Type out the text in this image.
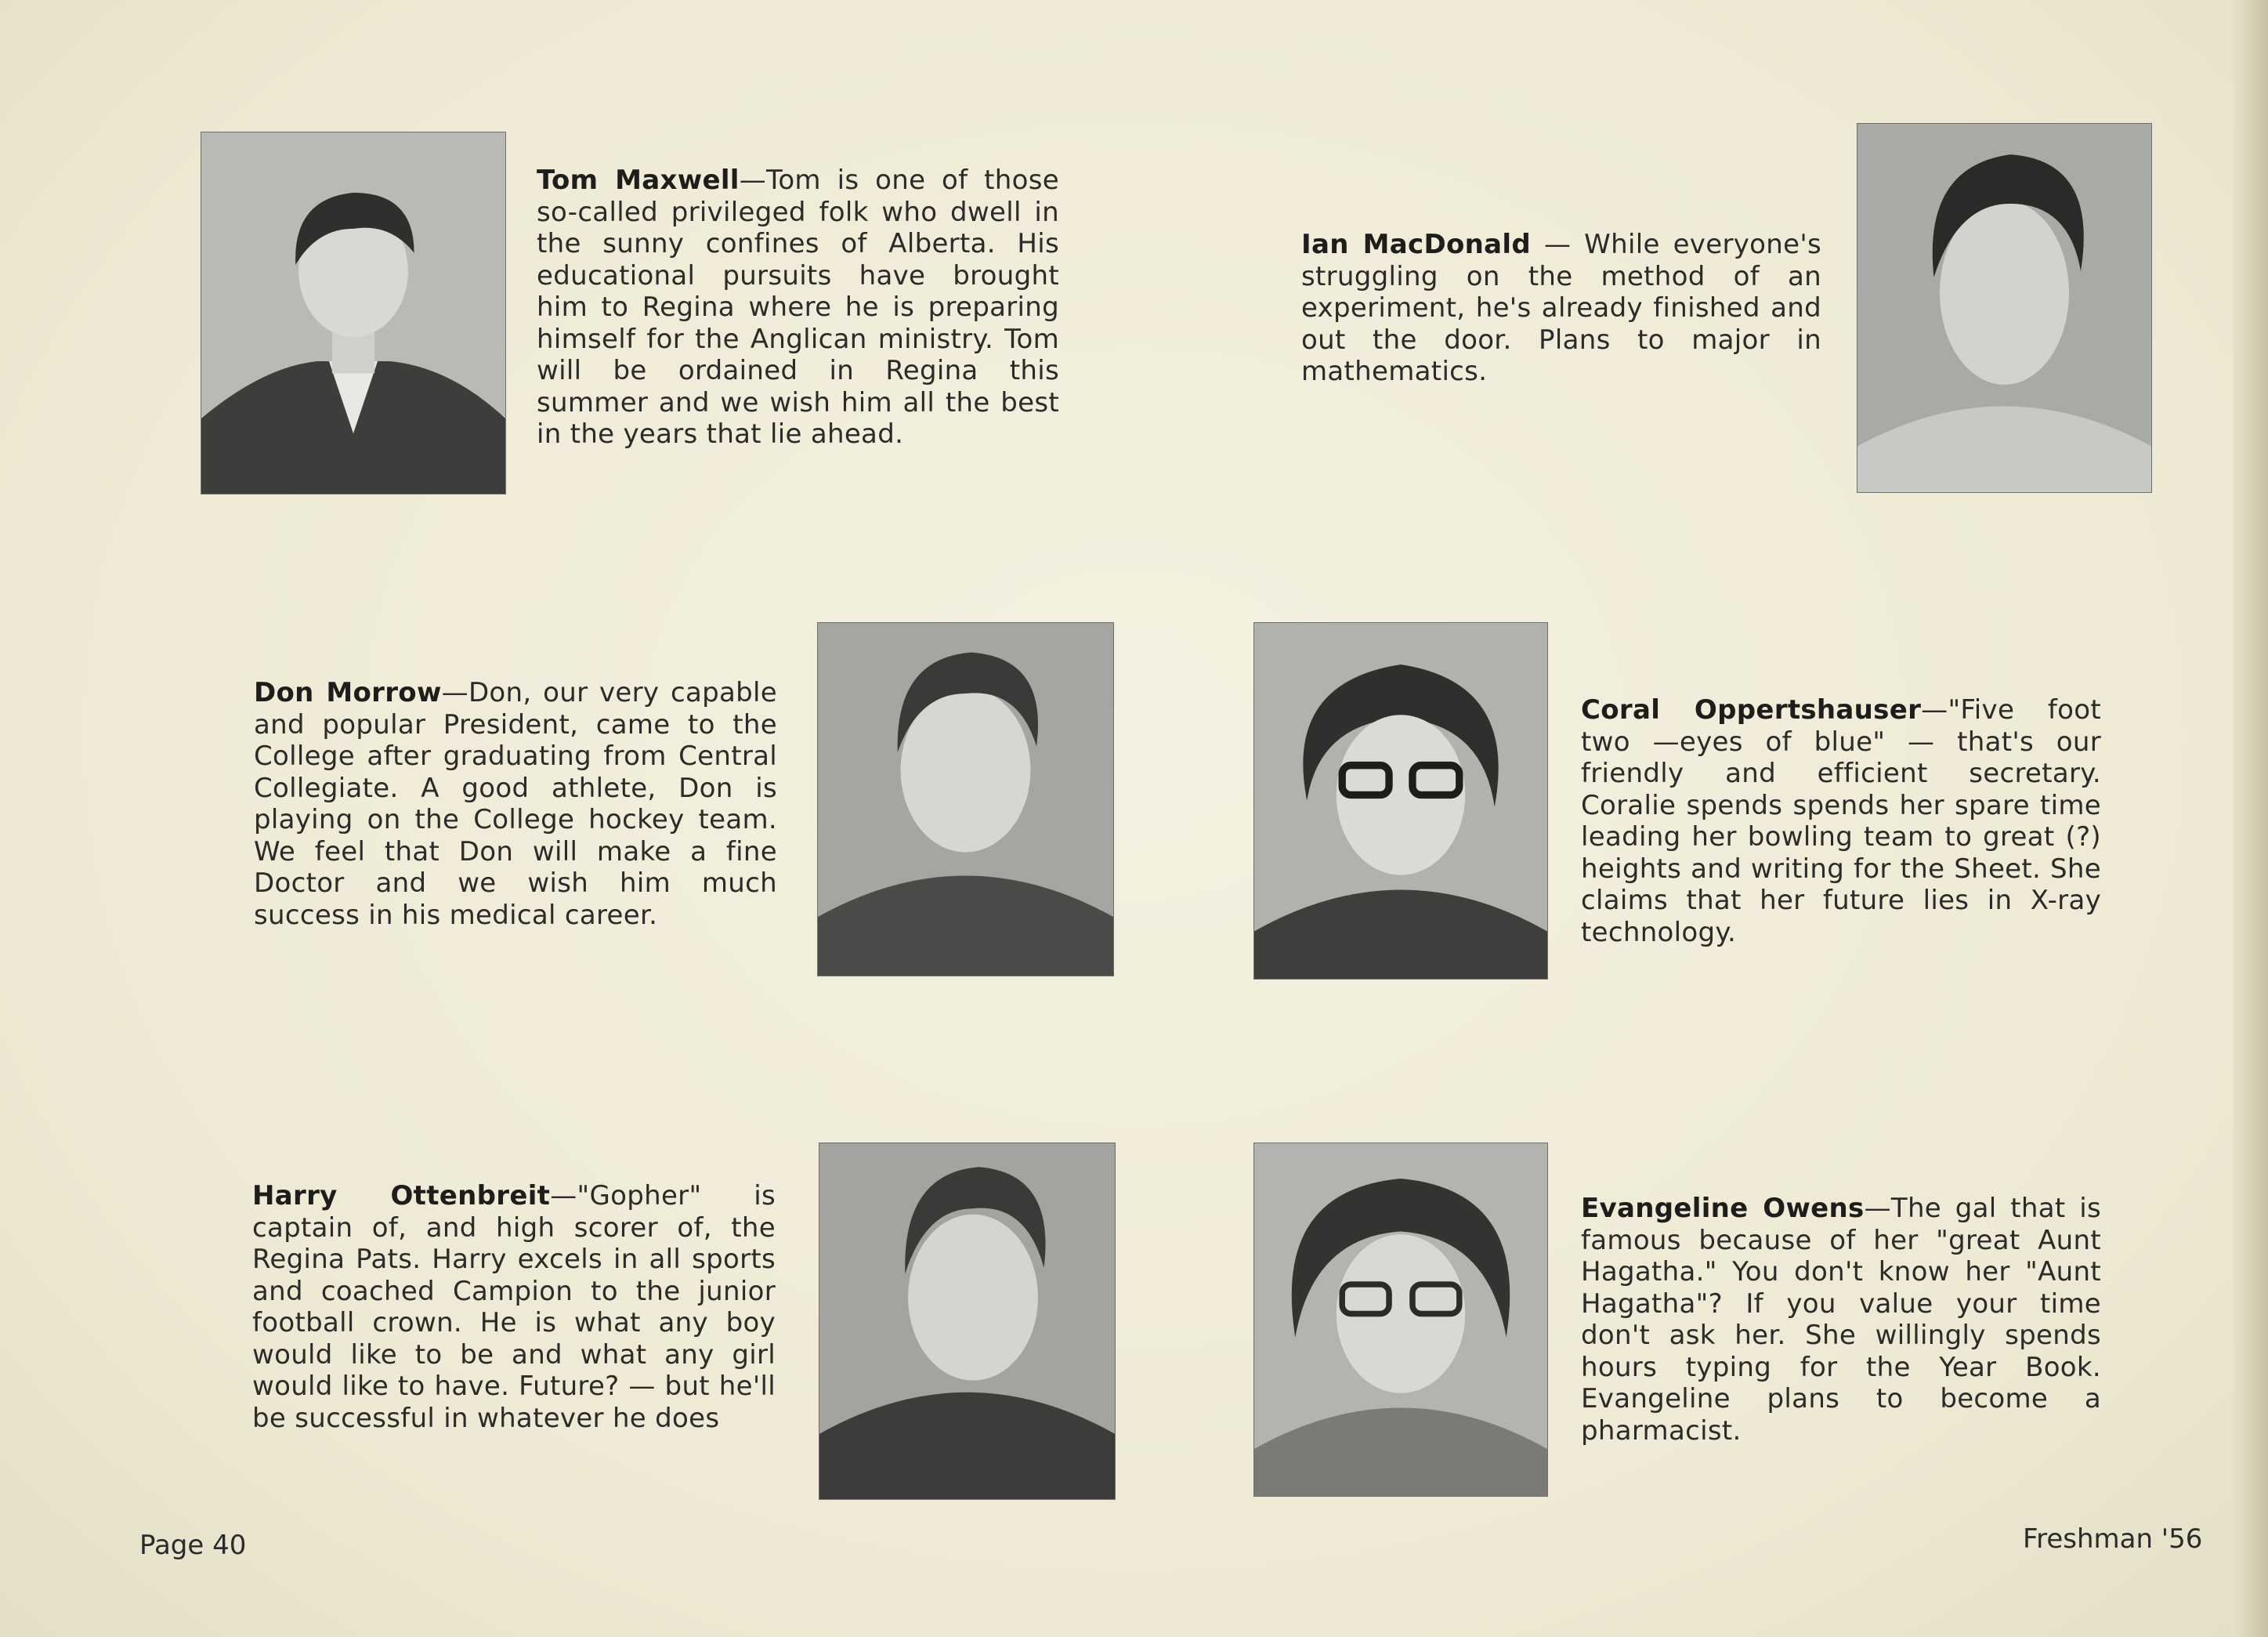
Tom Maxwell—Tom is one of those so-called privileged folk who dwell in the sunny confines of Alberta. His educational pursuits have brought him to Regina where he is preparing himself for the Anglican ministry. Tom will be ordained in Regina this summer and we wish him all the best in the years that lie ahead.
Ian MacDonald — While everyone's struggling on the method of an experiment, he's already finished and out the door. Plans to major in mathematics.
Don Morrow—Don, our very capable and popular President, came to the College after graduating from Central Collegiate. A good athlete, Don is playing on the College hockey team. We feel that Don will make a fine Doctor and we wish him much success in his medical career.
Coral Oppertshauser—"Five foot two —eyes of blue" — that's our friendly and efficient secretary. Coralie spends spends her spare time leading her bowling team to great (?) heights and writing for the Sheet. She claims that her future lies in X-ray technology.
Harry Ottenbreit—"Gopher" is captain of, and high scorer of, the Regina Pats. Harry excels in all sports and coached Campion to the junior football crown. He is what any boy would like to be and what any girl would like to have. Future? — but he'll be successful in whatever he does
Evangeline Owens—The gal that is famous because of her "great Aunt Hagatha." You don't know her "Aunt Hagatha"? If you value your time don't ask her. She willingly spends hours typing for the Year Book. Evangeline plans to become a pharmacist.
Page 40	Freshman '56
